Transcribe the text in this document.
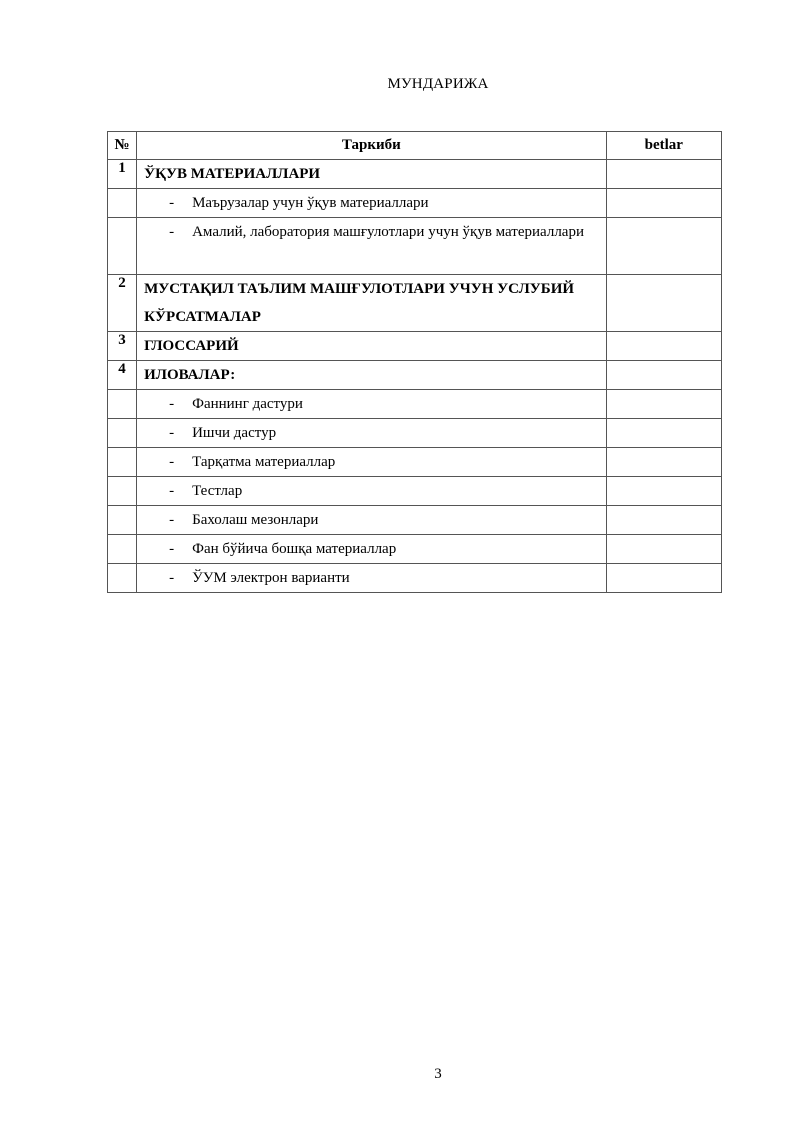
МУНДАРИЖА
№	Таркиби	betlar
1	ЎҚУВ МАТЕРИАЛЛАРИ	

	- Маърузалар учун ўқув материаллари	

	- Амалий, лаборатория машғулотлари учун ўқув материаллари	

2	МУСТАҚИЛ ТАЪЛИМ МАШҒУЛОТЛАРИ УЧУН УСЛУБИЙ КЎРСАТМАЛАР	
3	ГЛОССАРИЙ	
4	ИЛОВАЛАР:	

	- Фаннинг дастури	

	- Ишчи дастур	

	- Тарқатма материаллар	

	- Тестлар	

	- Бахолаш мезонлари	

	- Фан бўйича бошқа материаллар	

	- ЎУМ электрон варианти	

3
